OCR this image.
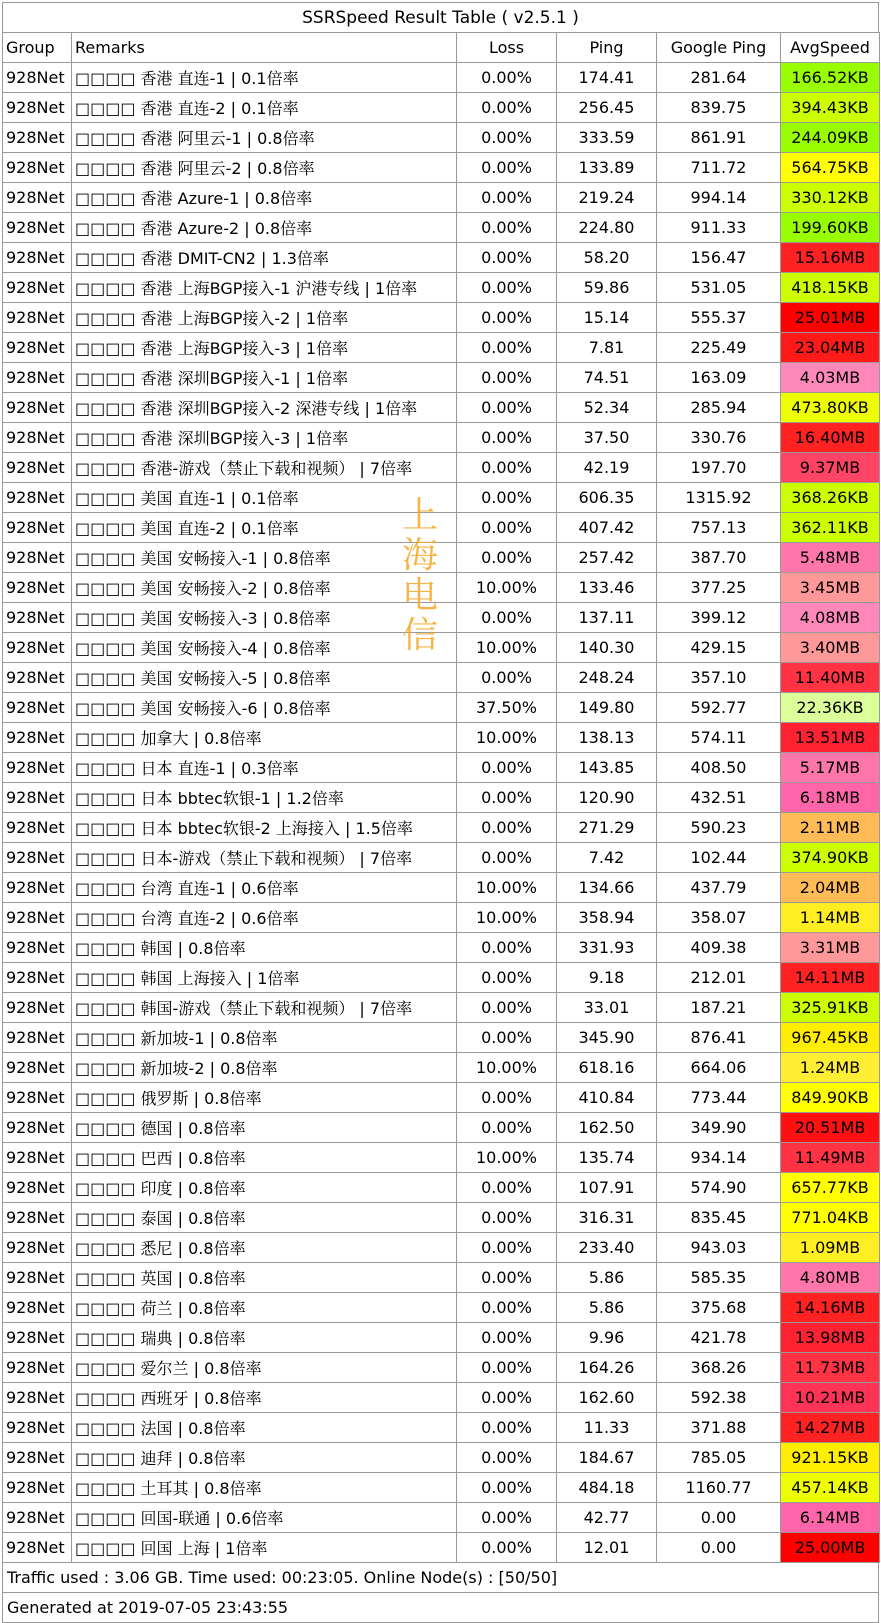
SSRSpeed Result Table ( v2.5.1 )
Group	Remarks	Loss	Ping	Google Ping	AvgSpeed
928Net	□□□□ 香港 直连-1 | 0.1倍率	0.00%	174.41	281.64	166.52KB
928Net	□□□□ 香港 直连-2 | 0.1倍率	0.00%	256.45	839.75	394.43KB
928Net	□□□□ 香港 阿里云-1 | 0.8倍率	0.00%	333.59	861.91	244.09KB
928Net	□□□□ 香港 阿里云-2 | 0.8倍率	0.00%	133.89	711.72	564.75KB
928Net	□□□□ 香港 Azure-1 | 0.8倍率	0.00%	219.24	994.14	330.12KB
928Net	□□□□ 香港 Azure-2 | 0.8倍率	0.00%	224.80	911.33	199.60KB
928Net	□□□□ 香港 DMIT-CN2 | 1.3倍率	0.00%	58.20	156.47	15.16MB
928Net	□□□□ 香港 上海BGP接入-1 沪港专线 | 1倍率	0.00%	59.86	531.05	418.15KB
928Net	□□□□ 香港 上海BGP接入-2 | 1倍率	0.00%	15.14	555.37	25.01MB
928Net	□□□□ 香港 上海BGP接入-3 | 1倍率	0.00%	7.81	225.49	23.04MB
928Net	□□□□ 香港 深圳BGP接入-1 | 1倍率	0.00%	74.51	163.09	4.03MB
928Net	□□□□ 香港 深圳BGP接入-2 深港专线 | 1倍率	0.00%	52.34	285.94	473.80KB
928Net	□□□□ 香港 深圳BGP接入-3 | 1倍率	0.00%	37.50	330.76	16.40MB
928Net	□□□□ 香港-游戏（禁止下载和视频） | 7倍率	0.00%	42.19	197.70	9.37MB
928Net	□□□□ 美国 直连-1 | 0.1倍率	0.00%	606.35	1315.92	368.26KB
928Net	□□□□ 美国 直连-2 | 0.1倍率	0.00%	407.42	757.13	362.11KB
928Net	□□□□ 美国 安畅接入-1 | 0.8倍率	0.00%	257.42	387.70	5.48MB
928Net	□□□□ 美国 安畅接入-2 | 0.8倍率	10.00%	133.46	377.25	3.45MB
928Net	□□□□ 美国 安畅接入-3 | 0.8倍率	0.00%	137.11	399.12	4.08MB
928Net	□□□□ 美国 安畅接入-4 | 0.8倍率	10.00%	140.30	429.15	3.40MB
928Net	□□□□ 美国 安畅接入-5 | 0.8倍率	0.00%	248.24	357.10	11.40MB
928Net	□□□□ 美国 安畅接入-6 | 0.8倍率	37.50%	149.80	592.77	22.36KB
928Net	□□□□ 加拿大 | 0.8倍率	10.00%	138.13	574.11	13.51MB
928Net	□□□□ 日本 直连-1 | 0.3倍率	0.00%	143.85	408.50	5.17MB
928Net	□□□□ 日本 bbtec软银-1 | 1.2倍率	0.00%	120.90	432.51	6.18MB
928Net	□□□□ 日本 bbtec软银-2 上海接入 | 1.5倍率	0.00%	271.29	590.23	2.11MB
928Net	□□□□ 日本-游戏（禁止下载和视频） | 7倍率	0.00%	7.42	102.44	374.90KB
928Net	□□□□ 台湾 直连-1 | 0.6倍率	10.00%	134.66	437.79	2.04MB
928Net	□□□□ 台湾 直连-2 | 0.6倍率	10.00%	358.94	358.07	1.14MB
928Net	□□□□ 韩国 | 0.8倍率	0.00%	331.93	409.38	3.31MB
928Net	□□□□ 韩国 上海接入 | 1倍率	0.00%	9.18	212.01	14.11MB
928Net	□□□□ 韩国-游戏（禁止下载和视频） | 7倍率	0.00%	33.01	187.21	325.91KB
928Net	□□□□ 新加坡-1 | 0.8倍率	0.00%	345.90	876.41	967.45KB
928Net	□□□□ 新加坡-2 | 0.8倍率	10.00%	618.16	664.06	1.24MB
928Net	□□□□ 俄罗斯 | 0.8倍率	0.00%	410.84	773.44	849.90KB
928Net	□□□□ 德国 | 0.8倍率	0.00%	162.50	349.90	20.51MB
928Net	□□□□ 巴西 | 0.8倍率	10.00%	135.74	934.14	11.49MB
928Net	□□□□ 印度 | 0.8倍率	0.00%	107.91	574.90	657.77KB
928Net	□□□□ 泰国 | 0.8倍率	0.00%	316.31	835.45	771.04KB
928Net	□□□□ 悉尼 | 0.8倍率	0.00%	233.40	943.03	1.09MB
928Net	□□□□ 英国 | 0.8倍率	0.00%	5.86	585.35	4.80MB
928Net	□□□□ 荷兰 | 0.8倍率	0.00%	5.86	375.68	14.16MB
928Net	□□□□ 瑞典 | 0.8倍率	0.00%	9.96	421.78	13.98MB
928Net	□□□□ 爱尔兰 | 0.8倍率	0.00%	164.26	368.26	11.73MB
928Net	□□□□ 西班牙 | 0.8倍率	0.00%	162.60	592.38	10.21MB
928Net	□□□□ 法国 | 0.8倍率	0.00%	11.33	371.88	14.27MB
928Net	□□□□ 迪拜 | 0.8倍率	0.00%	184.67	785.05	921.15KB
928Net	□□□□ 土耳其 | 0.8倍率	0.00%	484.18	1160.77	457.14KB
928Net	□□□□ 回国-联通 | 0.6倍率	0.00%	42.77	0.00	6.14MB
928Net	□□□□ 回国 上海 | 1倍率	0.00%	12.01	0.00	25.00MB
Traffic used : 3.06 GB. Time used: 00:23:05. Online Node(s) : [50/50]
Generated at 2019-07-05 23:43:55
上海电信
